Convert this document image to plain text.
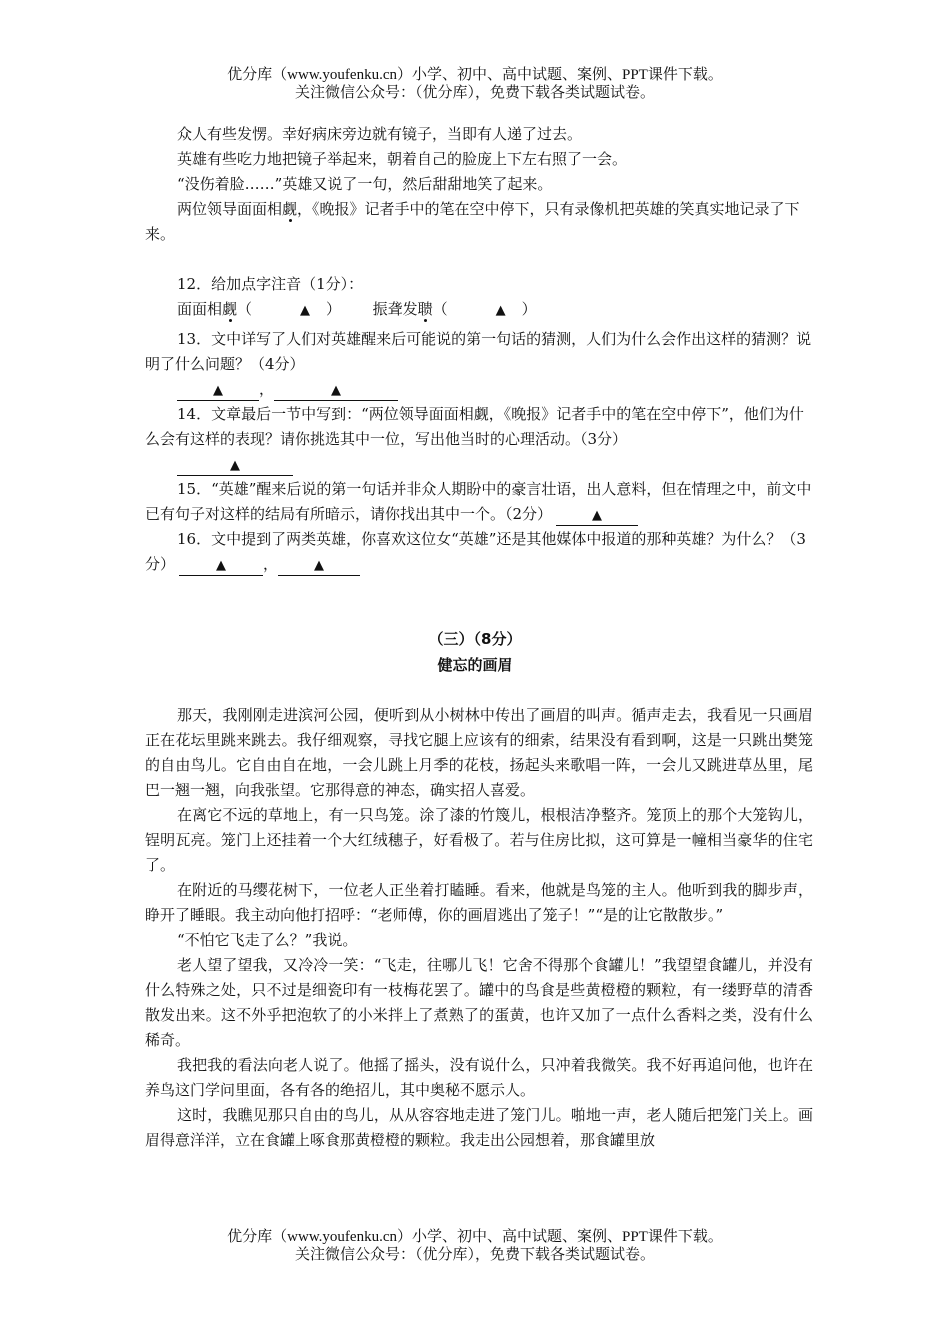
优分库（www.youfenku.cn）小学、初中、高中试题、案例、PPT课件下载。
关注微信公众号：（优分库），免费下载各类试题试卷。

众人有些发愣。幸好病床旁边就有镜子，当即有人递了过去。

英雄有些吃力地把镜子举起来，朝着自己的脸庞上下左右照了一会。

“没伤着脸……”英雄又说了一句，然后甜甜地笑了起来。

两位领导面面相觑，《晚报》记者手中的笔在空中停下，只有录像机把英雄的笑真实地记录了下来。

12．给加点字注音（1分）：

面面相觑（	▲ ） 振聋发聩（	▲ ）

13．文中详写了人们对英雄醒来后可能说的第一句话的猜测，人们为什么会作出这样的猜测？说明了什么问题？（4分）

▲ ，	▲

14．文章最后一节中写到：“两位领导面面相觑，《晚报》记者手中的笔在空中停下”，他们为什么会有这样的表现？请你挑选其中一位，写出他当时的心理活动。（3分）

▲

15．“英雄”醒来后说的第一句话并非众人期盼中的豪言壮语，出人意料，但在情理之中，前文中已有句子对这样的结局有所暗示，请你找出其中一个。（2分）	▲

16．文中提到了两类英雄，你喜欢这位女“英雄”还是其他媒体中报道的那种英雄？为什么？（3分）	▲ ，	▲

（三）（8分）
健忘的画眉

那天，我刚刚走进滨河公园，便听到从小树林中传出了画眉的叫声。循声走去，我看见一只画眉正在花坛里跳来跳去。我仔细观察，寻找它腿上应该有的细索，结果没有看到啊，这是一只跳出樊笼的自由鸟儿。它自由自在地，一会儿跳上月季的花枝，扬起头来歌唱一阵，一会儿又跳进草丛里，尾巴一翘一翘，向我张望。它那得意的神态，确实招人喜爱。

在离它不远的草地上，有一只鸟笼。涂了漆的竹篾儿，根根洁净整齐。笼顶上的那个大笼钩儿，锃明瓦亮。笼门上还挂着一个大红绒穗子，好看极了。若与住房比拟，这可算是一幢相当豪华的住宅了。

在附近的马缨花树下，一位老人正坐着打瞌睡。看来，他就是鸟笼的主人。他听到我的脚步声，睁开了睡眼。我主动向他打招呼：“老师傅，你的画眉逃出了笼子！”“是的让它散散步。”

“不怕它飞走了么？”我说。

老人望了望我，又冷冷一笑：“飞走，往哪儿飞！它舍不得那个食罐儿！”我望望食罐儿，并没有什么特殊之处，只不过是细瓷印有一枝梅花罢了。罐中的鸟食是些黄橙橙的颗粒，有一缕野草的清香散发出来。这不外乎把泡软了的小米拌上了煮熟了的蛋黄，也许又加了一点什么香料之类，没有什么稀奇。

我把我的看法向老人说了。他摇了摇头，没有说什么，只冲着我微笑。我不好再追问他，也许在养鸟这门学问里面，各有各的绝招儿，其中奥秘不愿示人。

这时，我瞧见那只自由的鸟儿，从从容容地走进了笼门儿。啪地一声，老人随后把笼门关上。画眉得意洋洋，立在食罐上啄食那黄橙橙的颗粒。我走出公园想着，那食罐里放

优分库（www.youfenku.cn）小学、初中、高中试题、案例、PPT课件下载。
关注微信公众号：（优分库），免费下载各类试题试卷。
